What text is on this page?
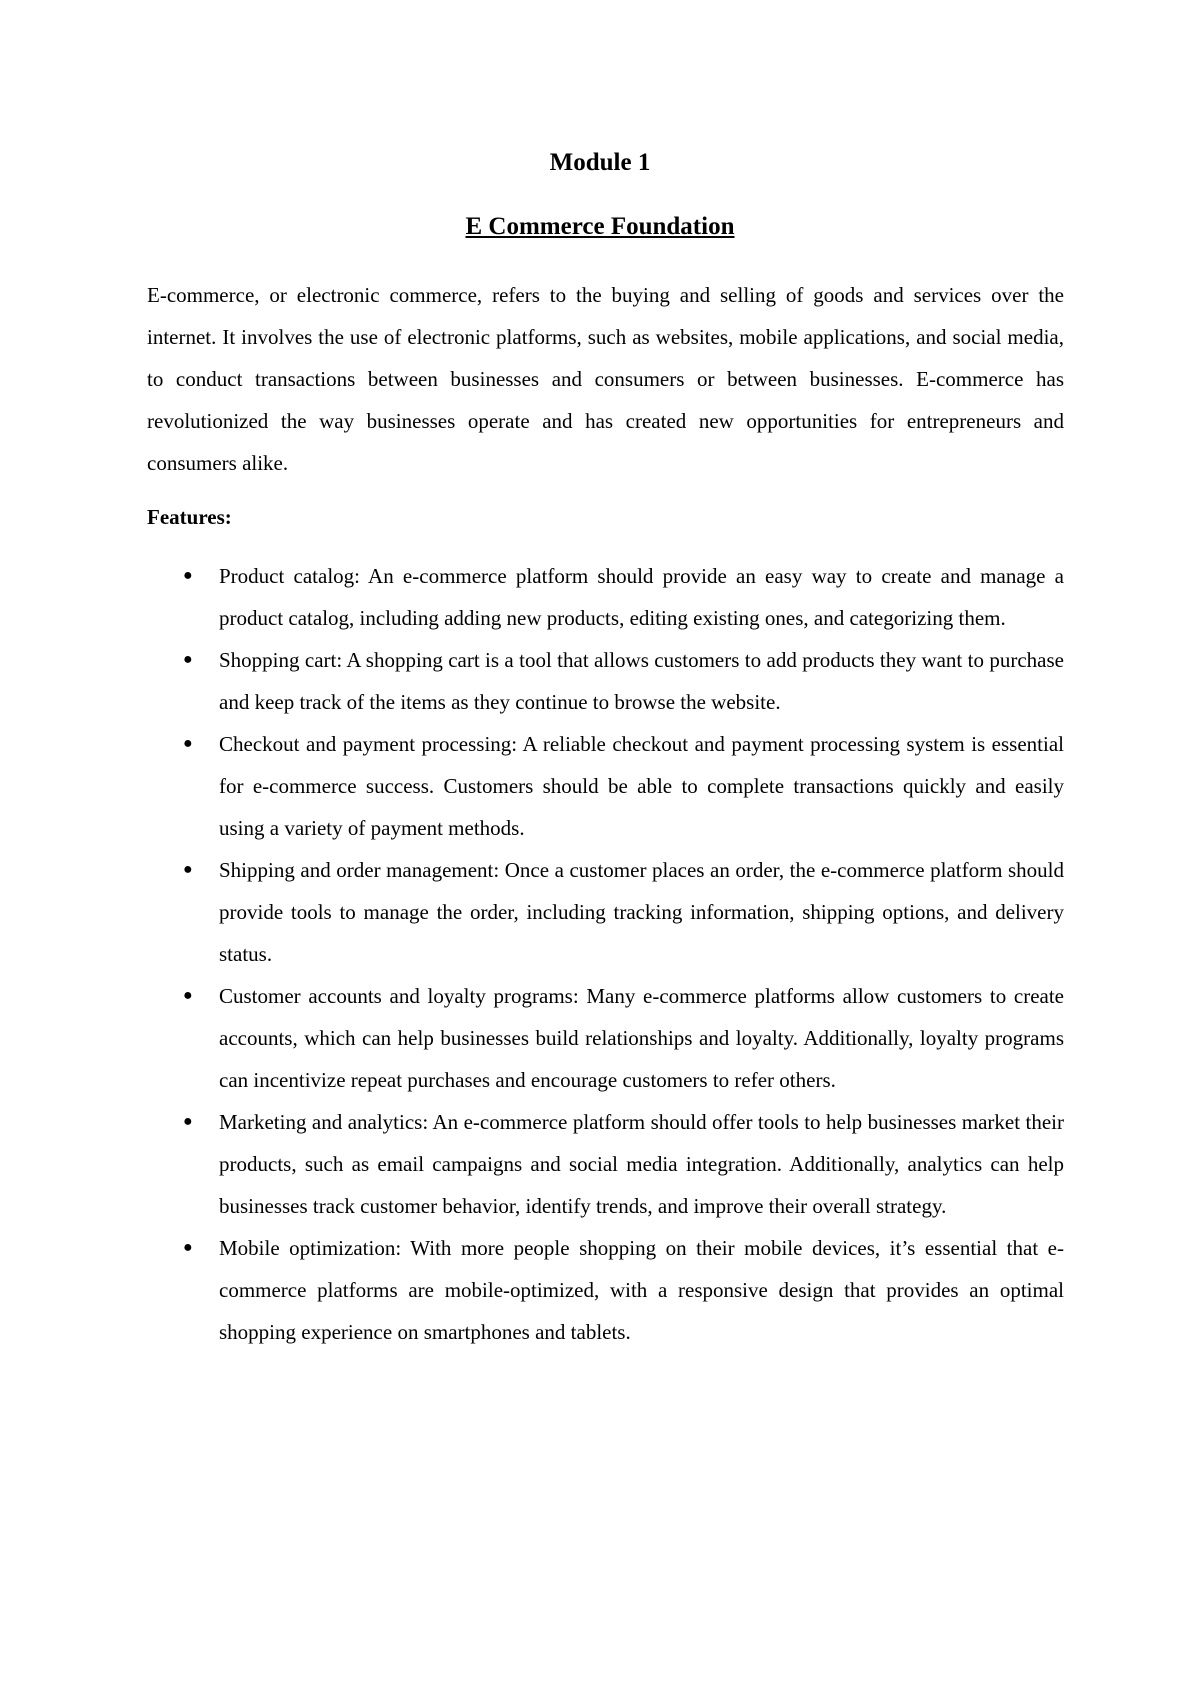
Module 1
E Commerce Foundation

E-commerce, or electronic commerce, refers to the buying and selling of goods and services over the internet. It involves the use of electronic platforms, such as websites, mobile applications, and social media, to conduct transactions between businesses and consumers or between businesses. E-commerce has revolutionized the way businesses operate and has created new opportunities for entrepreneurs and consumers alike.

Features:

● Product catalog: An e-commerce platform should provide an easy way to create and manage a product catalog, including adding new products, editing existing ones, and categorizing them.
● Shopping cart: A shopping cart is a tool that allows customers to add products they want to purchase and keep track of the items as they continue to browse the website.
● Checkout and payment processing: A reliable checkout and payment processing system is essential for e-commerce success. Customers should be able to complete transactions quickly and easily using a variety of payment methods.
● Shipping and order management: Once a customer places an order, the e-commerce platform should provide tools to manage the order, including tracking information, shipping options, and delivery status.
● Customer accounts and loyalty programs: Many e-commerce platforms allow customers to create accounts, which can help businesses build relationships and loyalty. Additionally, loyalty programs can incentivize repeat purchases and encourage customers to refer others.
● Marketing and analytics: An e-commerce platform should offer tools to help businesses market their products, such as email campaigns and social media integration. Additionally, analytics can help businesses track customer behavior, identify trends, and improve their overall strategy.
● Mobile optimization: With more people shopping on their mobile devices, it’s essential that e-commerce platforms are mobile-optimized, with a responsive design that provides an optimal shopping experience on smartphones and tablets.
